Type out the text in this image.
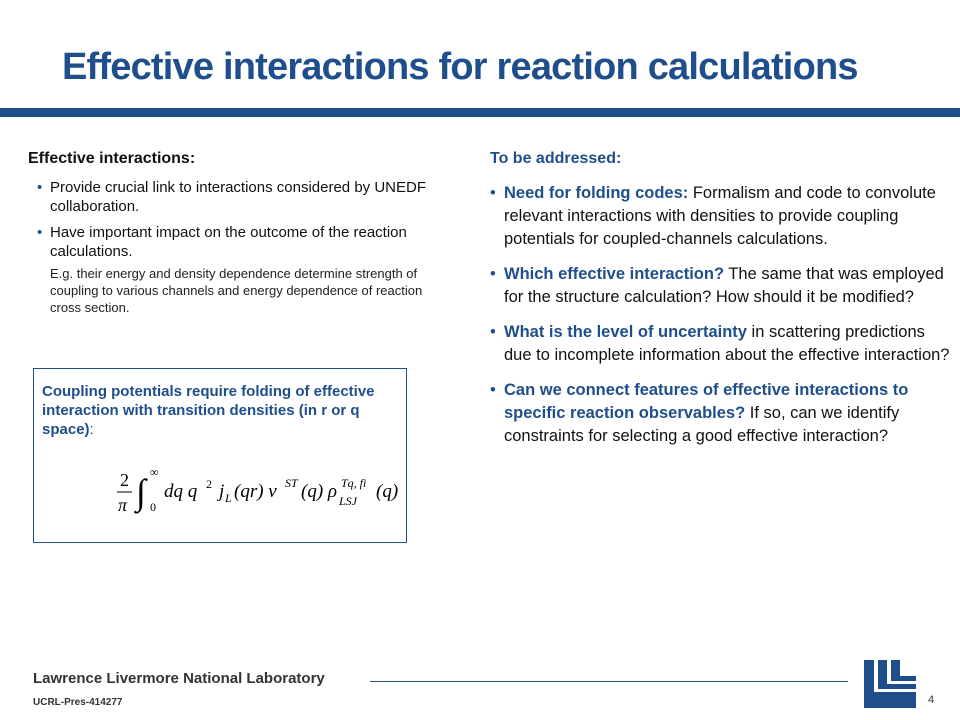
Effective interactions for reaction calculations
Effective interactions:
• Provide crucial link to interactions considered by UNEDF collaboration.
• Have important impact on the outcome of the reaction calculations.
E.g. their energy and density dependence determine strength of coupling to various channels and energy dependence of reaction cross section.
Coupling potentials require folding of effective interaction with transition densities (in r or q space):
2
π ∫ ∞
0
dq q 2 j L (qr) v ST (q) ρ Tq, fi
LSJ (q)
To be addressed:
• Need for folding codes: Formalism and code to convolute relevant interactions with densities to provide coupling potentials for coupled-channels calculations.
• Which effective interaction? The same that was employed for the structure calculation? How should it be modified?
• What is the level of uncertainty in scattering predictions due to incomplete information about the effective interaction?
• Can we connect features of effective interactions to specific reaction observables? If so, can we identify constraints for selecting a good effective interaction?
Lawrence Livermore National Laboratory
UCRL-Pres-414277	4
